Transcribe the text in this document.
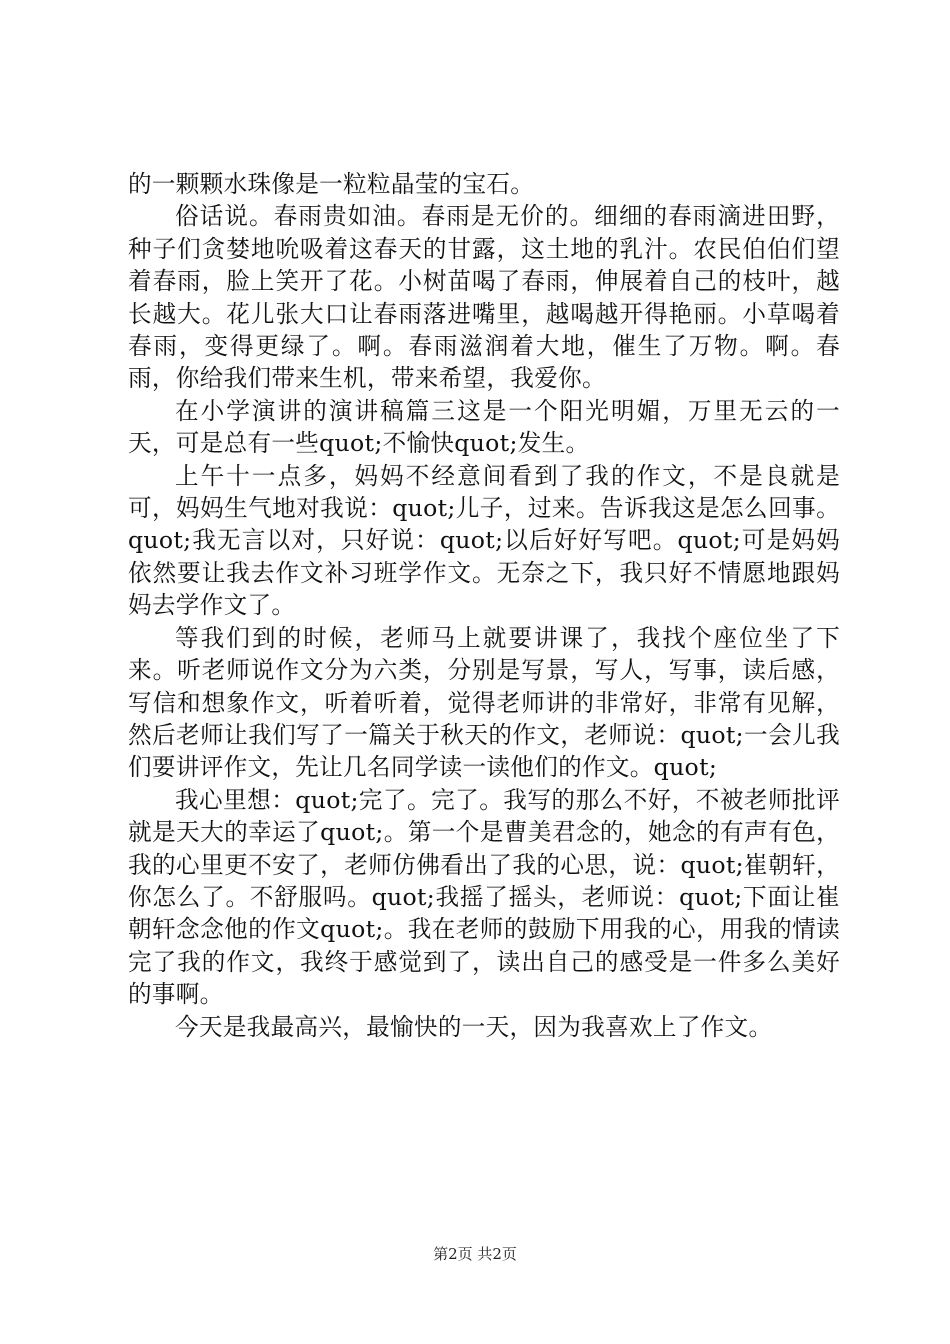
的一颗颗水珠像是一粒粒晶莹的宝石。

俗话说。春雨贵如油。春雨是无价的。细细的春雨滴进田野，种子们贪婪地吮吸着这春天的甘露，这土地的乳汁。农民伯伯们望着春雨，脸上笑开了花。小树苗喝了春雨，伸展着自己的枝叶，越长越大。花儿张大口让春雨落进嘴里，越喝越开得艳丽。小草喝着春雨，变得更绿了。啊。春雨滋润着大地，催生了万物。啊。春雨，你给我们带来生机，带来希望，我爱你。

在小学演讲的演讲稿篇三这是一个阳光明媚，万里无云的一天，可是总有一些quot;不愉快quot;发生。

上午十一点多，妈妈不经意间看到了我的作文，不是良就是可，妈妈生气地对我说：quot;儿子，过来。告诉我这是怎么回事。quot;我无言以对，只好说：quot;以后好好写吧。quot;可是妈妈依然要让我去作文补习班学作文。无奈之下，我只好不情愿地跟妈妈去学作文了。

等我们到的时候，老师马上就要讲课了，我找个座位坐了下来。听老师说作文分为六类，分别是写景，写人，写事，读后感，写信和想象作文，听着听着，觉得老师讲的非常好，非常有见解，然后老师让我们写了一篇关于秋天的作文，老师说：quot;一会儿我们要讲评作文，先让几名同学读一读他们的作文。quot;

我心里想：quot;完了。完了。我写的那么不好，不被老师批评就是天大的幸运了quot;。第一个是曹美君念的，她念的有声有色，我的心里更不安了，老师仿佛看出了我的心思，说：quot;崔朝轩，你怎么了。不舒服吗。quot;我摇了摇头，老师说：quot;下面让崔朝轩念念他的作文quot;。我在老师的鼓励下用我的心，用我的情读完了我的作文，我终于感觉到了，读出自己的感受是一件多么美好的事啊。

今天是我最高兴，最愉快的一天，因为我喜欢上了作文。

第2页 共2页
